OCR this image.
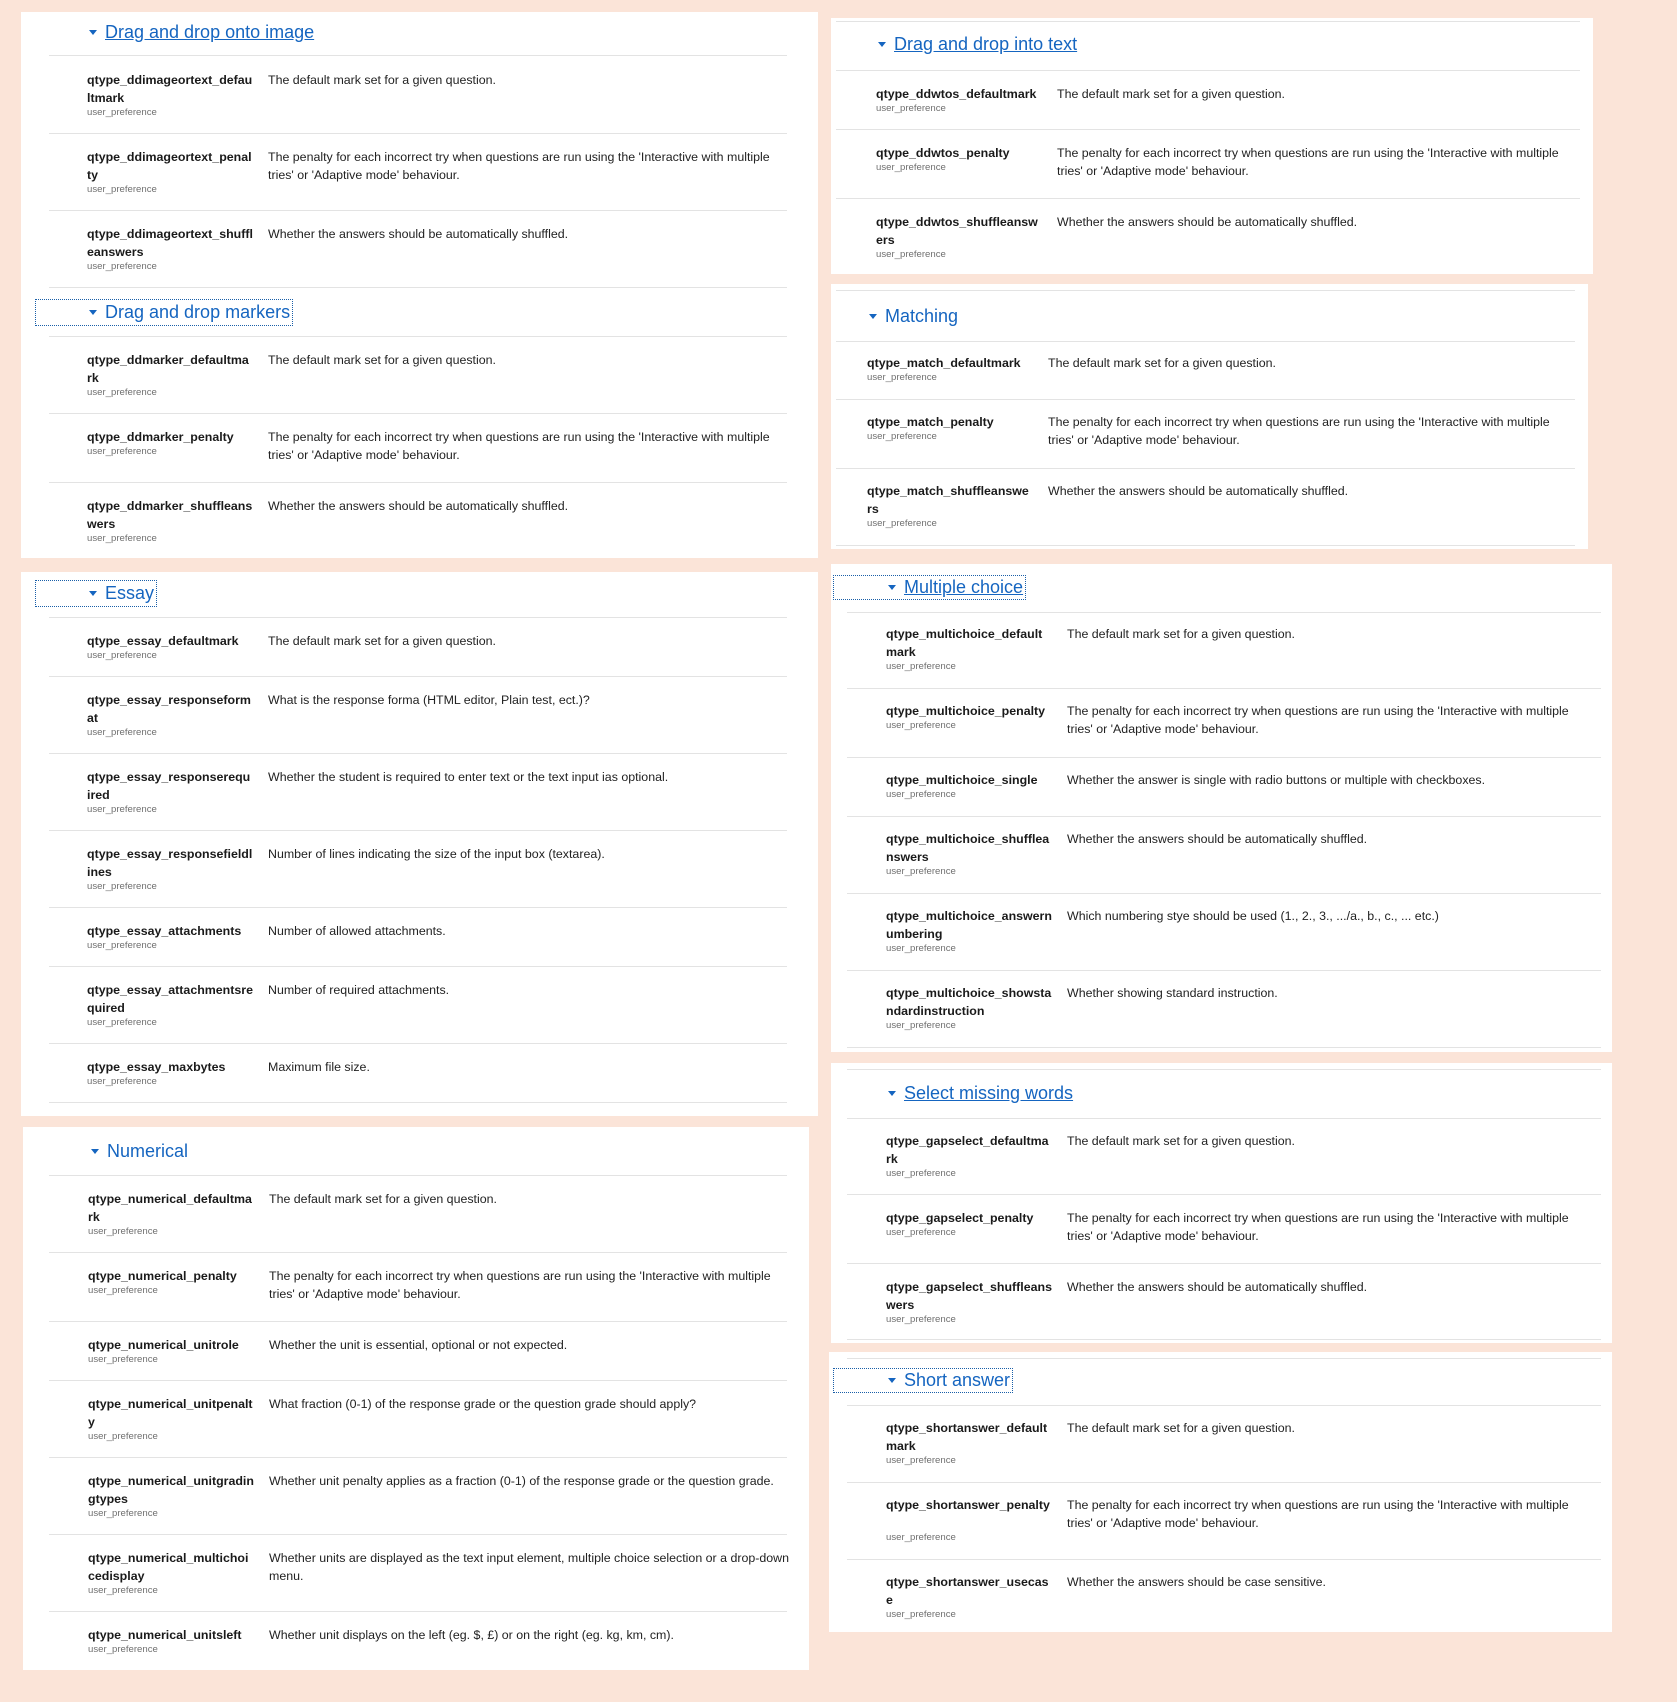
Drag and drop onto image
qtype_ddimageortext_defaultmark
user_preference
The default mark set for a given question.
qtype_ddimageortext_penalty
user_preference
The penalty for each incorrect try when questions are run using the 'Interactive with multiple tries' or 'Adaptive mode' behaviour.
qtype_ddimageortext_shuffleanswers
user_preference
Whether the answers should be automatically shuffled.
Drag and drop markers
qtype_ddmarker_defaultmark
user_preference
The default mark set for a given question.
qtype_ddmarker_penalty
user_preference
The penalty for each incorrect try when questions are run using the 'Interactive with multiple tries' or 'Adaptive mode' behaviour.
qtype_ddmarker_shuffleanswers
user_preference
Whether the answers should be automatically shuffled.
Essay
qtype_essay_defaultmark
user_preference
The default mark set for a given question.
qtype_essay_responseformat
user_preference
What is the response forma (HTML editor, Plain test, ect.)?
qtype_essay_responserequired
user_preference
Whether the student is required to enter text or the text input ias optional.
qtype_essay_responsefieldlines
user_preference
Number of lines indicating the size of the input box (textarea).
qtype_essay_attachments
user_preference
Number of allowed attachments.
qtype_essay_attachmentsrequired
user_preference
Number of required attachments.
qtype_essay_maxbytes
user_preference
Maximum file size.
Numerical
qtype_numerical_defaultmark
user_preference
The default mark set for a given question.
qtype_numerical_penalty
user_preference
The penalty for each incorrect try when questions are run using the 'Interactive with multiple tries' or 'Adaptive mode' behaviour.
qtype_numerical_unitrole
user_preference
Whether the unit is essential, optional or not expected.
qtype_numerical_unitpenalty
user_preference
What fraction (0-1) of the response grade or the question grade should apply?
qtype_numerical_unitgradingtypes
user_preference
Whether unit penalty applies as a fraction (0-1) of the response grade or the question grade.
qtype_numerical_multichoicedisplay
user_preference
Whether units are displayed as the text input element, multiple choice selection or a drop-down menu.
qtype_numerical_unitsleft
user_preference
Whether unit displays on the left (eg. $, £) or on the right (eg. kg, km, cm).
Drag and drop into text
qtype_ddwtos_defaultmark
user_preference
The default mark set for a given question.
qtype_ddwtos_penalty
user_preference
The penalty for each incorrect try when questions are run using the 'Interactive with multiple tries' or 'Adaptive mode' behaviour.
qtype_ddwtos_shuffleanswers
user_preference
Whether the answers should be automatically shuffled.
Matching
qtype_match_defaultmark
user_preference
The default mark set for a given question.
qtype_match_penalty
user_preference
The penalty for each incorrect try when questions are run using the 'Interactive with multiple tries' or 'Adaptive mode' behaviour.
qtype_match_shuffleanswers
user_preference
Whether the answers should be automatically shuffled.
Multiple choice
qtype_multichoice_defaultmark
user_preference
The default mark set for a given question.
qtype_multichoice_penalty
user_preference
The penalty for each incorrect try when questions are run using the 'Interactive with multiple tries' or 'Adaptive mode' behaviour.
qtype_multichoice_single
user_preference
Whether the answer is single with radio buttons or multiple with checkboxes.
qtype_multichoice_shuffleanswers
user_preference
Whether the answers should be automatically shuffled.
qtype_multichoice_answernumbering
user_preference
Which numbering stye should be used (1., 2., 3., .../a., b., c., ... etc.)
qtype_multichoice_showstandardinstruction
user_preference
Whether showing standard instruction.
Select missing words
qtype_gapselect_defaultmark
user_preference
The default mark set for a given question.
qtype_gapselect_penalty
user_preference
The penalty for each incorrect try when questions are run using the 'Interactive with multiple tries' or 'Adaptive mode' behaviour.
qtype_gapselect_shuffleanswers
user_preference
Whether the answers should be automatically shuffled.
Short answer
qtype_shortanswer_defaultmark
user_preference
The default mark set for a given question.
qtype_shortanswer_penalty
user_preference
The penalty for each incorrect try when questions are run using the 'Interactive with multiple tries' or 'Adaptive mode' behaviour.
qtype_shortanswer_usecase
user_preference
Whether the answers should be case sensitive.
